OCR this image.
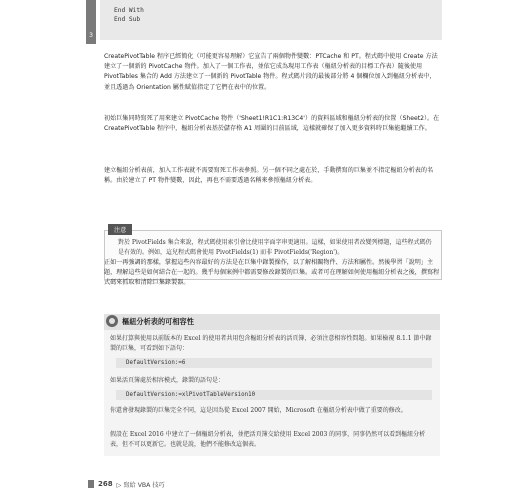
3
End With
End Sub
CreatePivotTable 程序已經簡化（可能更容易理解）它宣告了兩個物件變數：PTCache 和 PT。程式碼中使用 Create 方法建立了一個新的 PivotCache 物件。加入了一個工作表，並依它成為現用工作表（樞紐分析表的目標工作表）隨後使用 PivotTables 集合的 Add 方法建立了一個新的 PivotTable 物件。程式碼片段的最後部分將 4 個欄位加入到樞紐分析表中，並且透過為 Orientation 屬性賦值指定了它們在表中的位置。
初始巨集同時寫死了用來建立 PivotCache 物件（'Sheet1!R1C1:R13C4'）的資料區域和樞紐分析表的位置（Sheet2）。在 CreatePivotTable 程序中，樞紐分析表基於儲存格 A1 周圍的目前區域，這樣就確保了加入更多資料時巨集能繼續工作。
建立樞紐分析表前，加入工作表就不需要寫死工作表參照。另一個不同之處在於，手動撰寫的巨集並不指定樞紐分析表的名稱。由於建立了 PT 物件變數，因此，再也不需要透過名稱來參照樞紐分析表。
注意
對於 PivotFields 集合來說，程式碼使用索引會比使用字面字串更適用。這樣，如果使用者改變列標題，這些程式碼仍是有效的。例如，這兒程式碼會使用 PivotFields(1) 而非 PivotFields('Region')。
正如一再強調的那樣，掌握這些內容最好的方法是在巨集中錄製操作，以了解相關物件、方法和屬性。然後學習「說明」主題，理解這些是如何結合在一起的。幾乎每個案例中都需要修改錄製的巨集。或者可在理解如何使用樞紐分析表之後，撰寫程式碼來抓取和清除巨集錄製器。
樞紐分析表的可相容性
如果打算與使用以前版本的 Excel 的使用者共用包含樞紐分析表的活頁簿，必須注意相容性問題。如果檢視 8.1.1 節中錄製的巨集，可看到如下語句：
DefaultVersion:=6
如果活頁簿處於相容模式，錄製的語句是：
DefaultVersion:=xlPivotTableVersion10
你還會發現錄製的巨集完全不同，這是因為從 Excel 2007 開始，Microsoft 在樞紐分析表中做了重要的修改。
假設在 Excel 2016 中建立了一個樞紐分析表，並把活頁簿交給使用 Excel 2003 的同事，同事仍然可以看到樞紐分析表，但不可以更新它。也就是說，他們不能修改這個表。
268 ▷ 寫給 VBA 技巧
